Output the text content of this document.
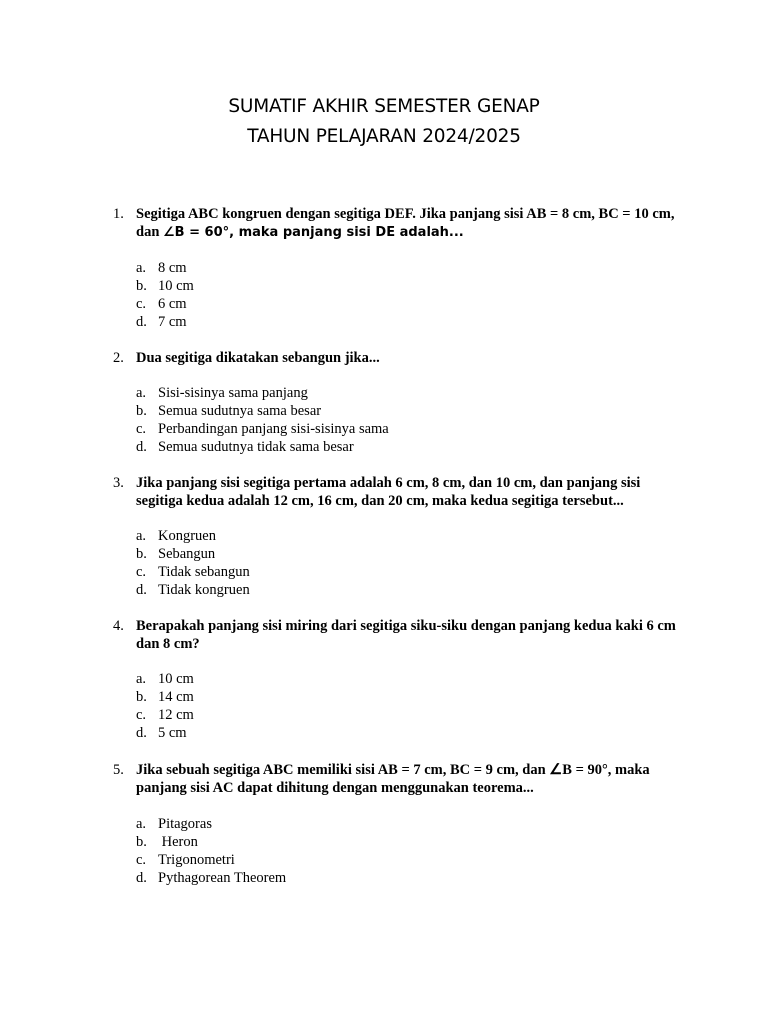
SUMATIF AKHIR SEMESTER GENAP
TAHUN PELAJARAN 2024/2025
1. Segitiga ABC kongruen dengan segitiga DEF. Jika panjang sisi AB = 8 cm, BC = 10 cm, dan ∠B = 60°, maka panjang sisi DE adalah...
a. 8 cm
b. 10 cm
c. 6 cm
d. 7 cm
2. Dua segitiga dikatakan sebangun jika...
a. Sisi-sisinya sama panjang
b. Semua sudutnya sama besar
c. Perbandingan panjang sisi-sisinya sama
d. Semua sudutnya tidak sama besar
3. Jika panjang sisi segitiga pertama adalah 6 cm, 8 cm, dan 10 cm, dan panjang sisi segitiga kedua adalah 12 cm, 16 cm, dan 20 cm, maka kedua segitiga tersebut...
a. Kongruen
b. Sebangun
c. Tidak sebangun
d. Tidak kongruen
4. Berapakah panjang sisi miring dari segitiga siku-siku dengan panjang kedua kaki 6 cm dan 8 cm?
a. 10 cm
b. 14 cm
c. 12 cm
d. 5 cm
5. Jika sebuah segitiga ABC memiliki sisi AB = 7 cm, BC = 9 cm, dan ∠B = 90°, maka panjang sisi AC dapat dihitung dengan menggunakan teorema...
a. Pitagoras
b. Heron
c. Trigonometri
d. Pythagorean Theorem
